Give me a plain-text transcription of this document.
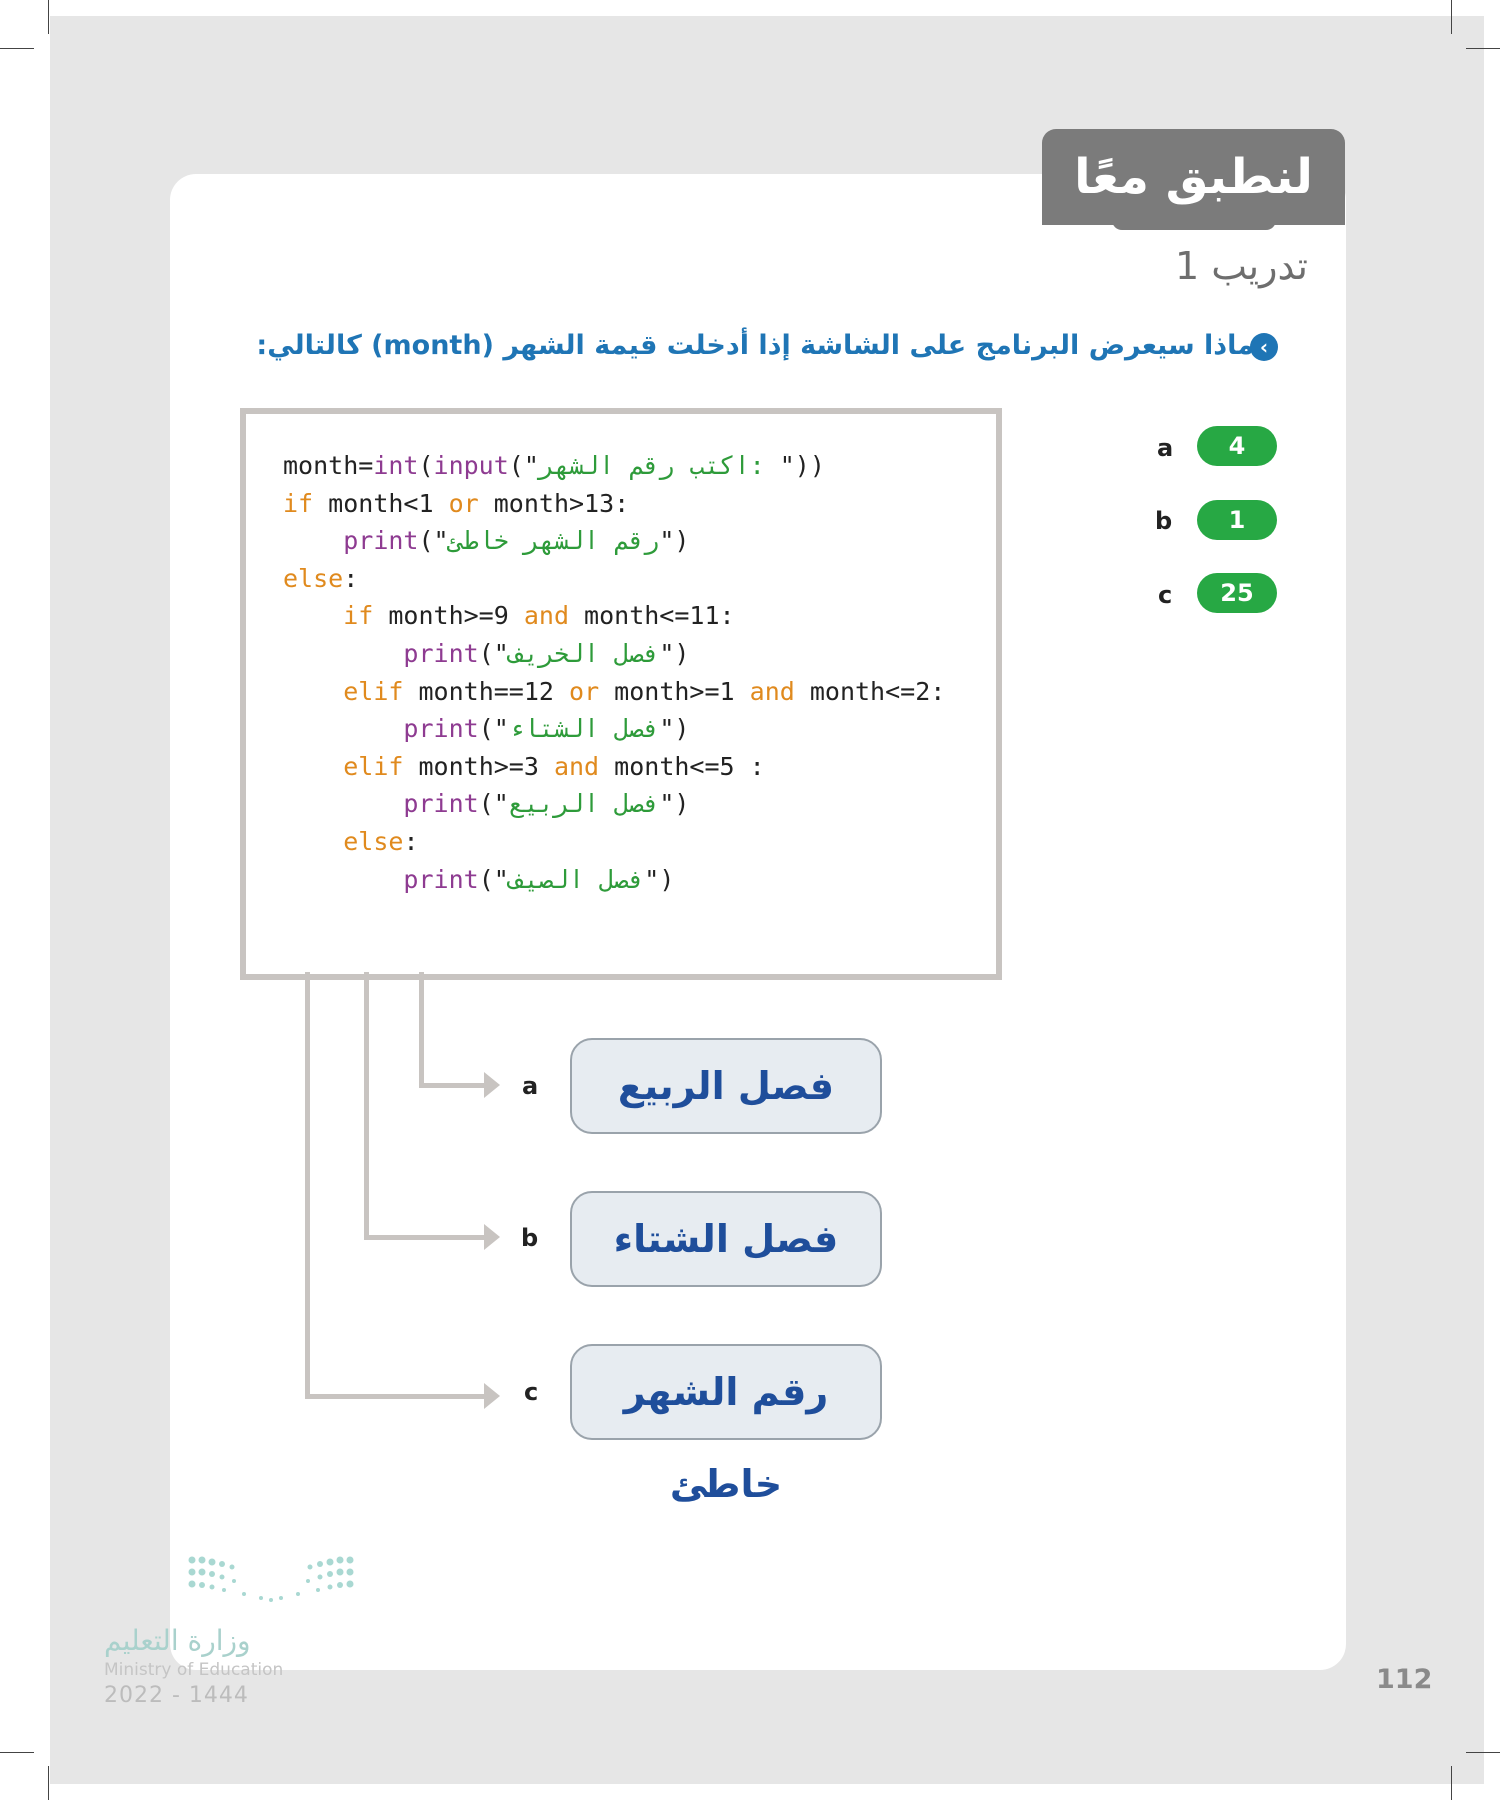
لنطبق معًا
تدريب 1
‹
ماذا سيعرض البرنامج على الشاشة إذا أدخلت قيمة الشهر (month) كالتالي:
month=int(input(" :اكتب رقم الشهر"))
if month<1 or month>13:
print("رقم الشهر خاطئ")
else:
if month>=9 and month<=11:
print("فصل الخريف")
elif month==12 or month>=1 and month<=2:
print("فصل الشتاء")
elif month>=3 and month<=5 :
print("فصل الربيع")
else:
print("فصل الصيف")
a	4
b	1
c	25
a	فصل الربيع
b	فصل الشتاء
c	رقم الشهر خاطئ
وزارة التعليم
Ministry of Education
2022 - 1444
112
